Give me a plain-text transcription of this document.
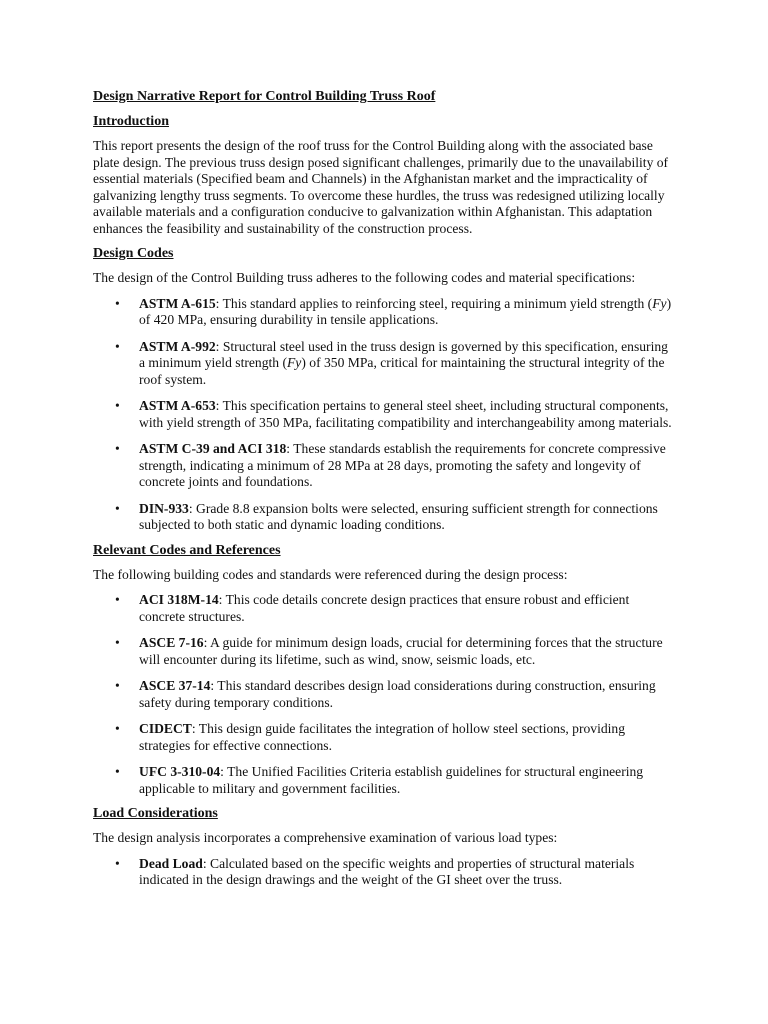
Design Narrative Report for Control Building Truss Roof
Introduction

This report presents the design of the roof truss for the Control Building along with the associated base plate design. The previous truss design posed significant challenges, primarily due to the unavailability of essential materials (Specified beam and Channels) in the Afghanistan market and the impracticality of galvanizing lengthy truss segments. To overcome these hurdles, the truss was redesigned utilizing locally available materials and a configuration conducive to galvanization within Afghanistan. This adaptation enhances the feasibility and sustainability of the construction process.

Design Codes

The design of the Control Building truss adheres to the following codes and material specifications:

• ASTM A-615: This standard applies to reinforcing steel, requiring a minimum yield strength (Fy) of 420 MPa, ensuring durability in tensile applications.
• ASTM A-992: Structural steel used in the truss design is governed by this specification, ensuring a minimum yield strength (Fy) of 350 MPa, critical for maintaining the structural integrity of the roof system.
• ASTM A-653: This specification pertains to general steel sheet, including structural components, with yield strength of 350 MPa, facilitating compatibility and interchangeability among materials.
• ASTM C-39 and ACI 318: These standards establish the requirements for concrete compressive strength, indicating a minimum of 28 MPa at 28 days, promoting the safety and longevity of concrete joints and foundations.
• DIN-933: Grade 8.8 expansion bolts were selected, ensuring sufficient strength for connections subjected to both static and dynamic loading conditions.
Relevant Codes and References

The following building codes and standards were referenced during the design process:

• ACI 318M-14: This code details concrete design practices that ensure robust and efficient concrete structures.
• ASCE 7-16: A guide for minimum design loads, crucial for determining forces that the structure will encounter during its lifetime, such as wind, snow, seismic loads, etc.
• ASCE 37-14: This standard describes design load considerations during construction, ensuring safety during temporary conditions.
• CIDECT: This design guide facilitates the integration of hollow steel sections, providing strategies for effective connections.
• UFC 3-310-04: The Unified Facilities Criteria establish guidelines for structural engineering applicable to military and government facilities.
Load Considerations

The design analysis incorporates a comprehensive examination of various load types:

• Dead Load: Calculated based on the specific weights and properties of structural materials indicated in the design drawings and the weight of the GI sheet over the truss.
